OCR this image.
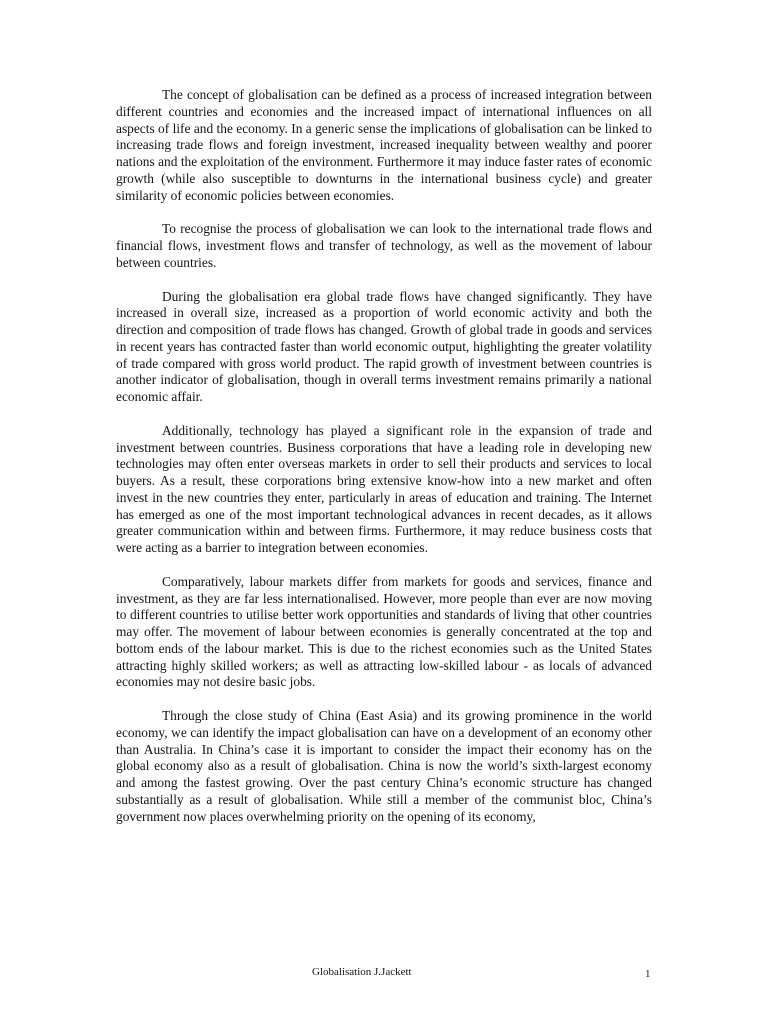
The concept of globalisation can be defined as a process of increased integration between different countries and economies and the increased impact of international influences on all aspects of life and the economy. In a generic sense the implications of globalisation can be linked to increasing trade flows and foreign investment, increased inequality between wealthy and poorer nations and the exploitation of the environment. Furthermore it may induce faster rates of economic growth (while also susceptible to downturns in the international business cycle) and greater similarity of economic policies between economies.

To recognise the process of globalisation we can look to the international trade flows and financial flows, investment flows and transfer of technology, as well as the movement of labour between countries.

During the globalisation era global trade flows have changed significantly. They have increased in overall size, increased as a proportion of world economic activity and both the direction and composition of trade flows has changed. Growth of global trade in goods and services in recent years has contracted faster than world economic output, highlighting the greater volatility of trade compared with gross world product. The rapid growth of investment between countries is another indicator of globalisation, though in overall terms investment remains primarily a national economic affair.

Additionally, technology has played a significant role in the expansion of trade and investment between countries. Business corporations that have a leading role in developing new technologies may often enter overseas markets in order to sell their products and services to local buyers. As a result, these corporations bring extensive know-how into a new market and often invest in the new countries they enter, particularly in areas of education and training. The Internet has emerged as one of the most important technological advances in recent decades, as it allows greater communication within and between firms. Furthermore, it may reduce business costs that were acting as a barrier to integration between economies.

Comparatively, labour markets differ from markets for goods and services, finance and investment, as they are far less internationalised. However, more people than ever are now moving to different countries to utilise better work opportunities and standards of living that other countries may offer. The movement of labour between economies is generally concentrated at the top and bottom ends of the labour market. This is due to the richest economies such as the United States attracting highly skilled workers; as well as attracting low-skilled labour - as locals of advanced economies may not desire basic jobs.

Through the close study of China (East Asia) and its growing prominence in the world economy, we can identify the impact globalisation can have on a development of an economy other than Australia. In China’s case it is important to consider the impact their economy has on the global economy also as a result of globalisation. China is now the world’s sixth-largest economy and among the fastest growing. Over the past century China’s economic structure has changed substantially as a result of globalisation. While still a member of the communist bloc, China’s government now places overwhelming priority on the opening of its economy,

Globalisation J.Jackett	1
